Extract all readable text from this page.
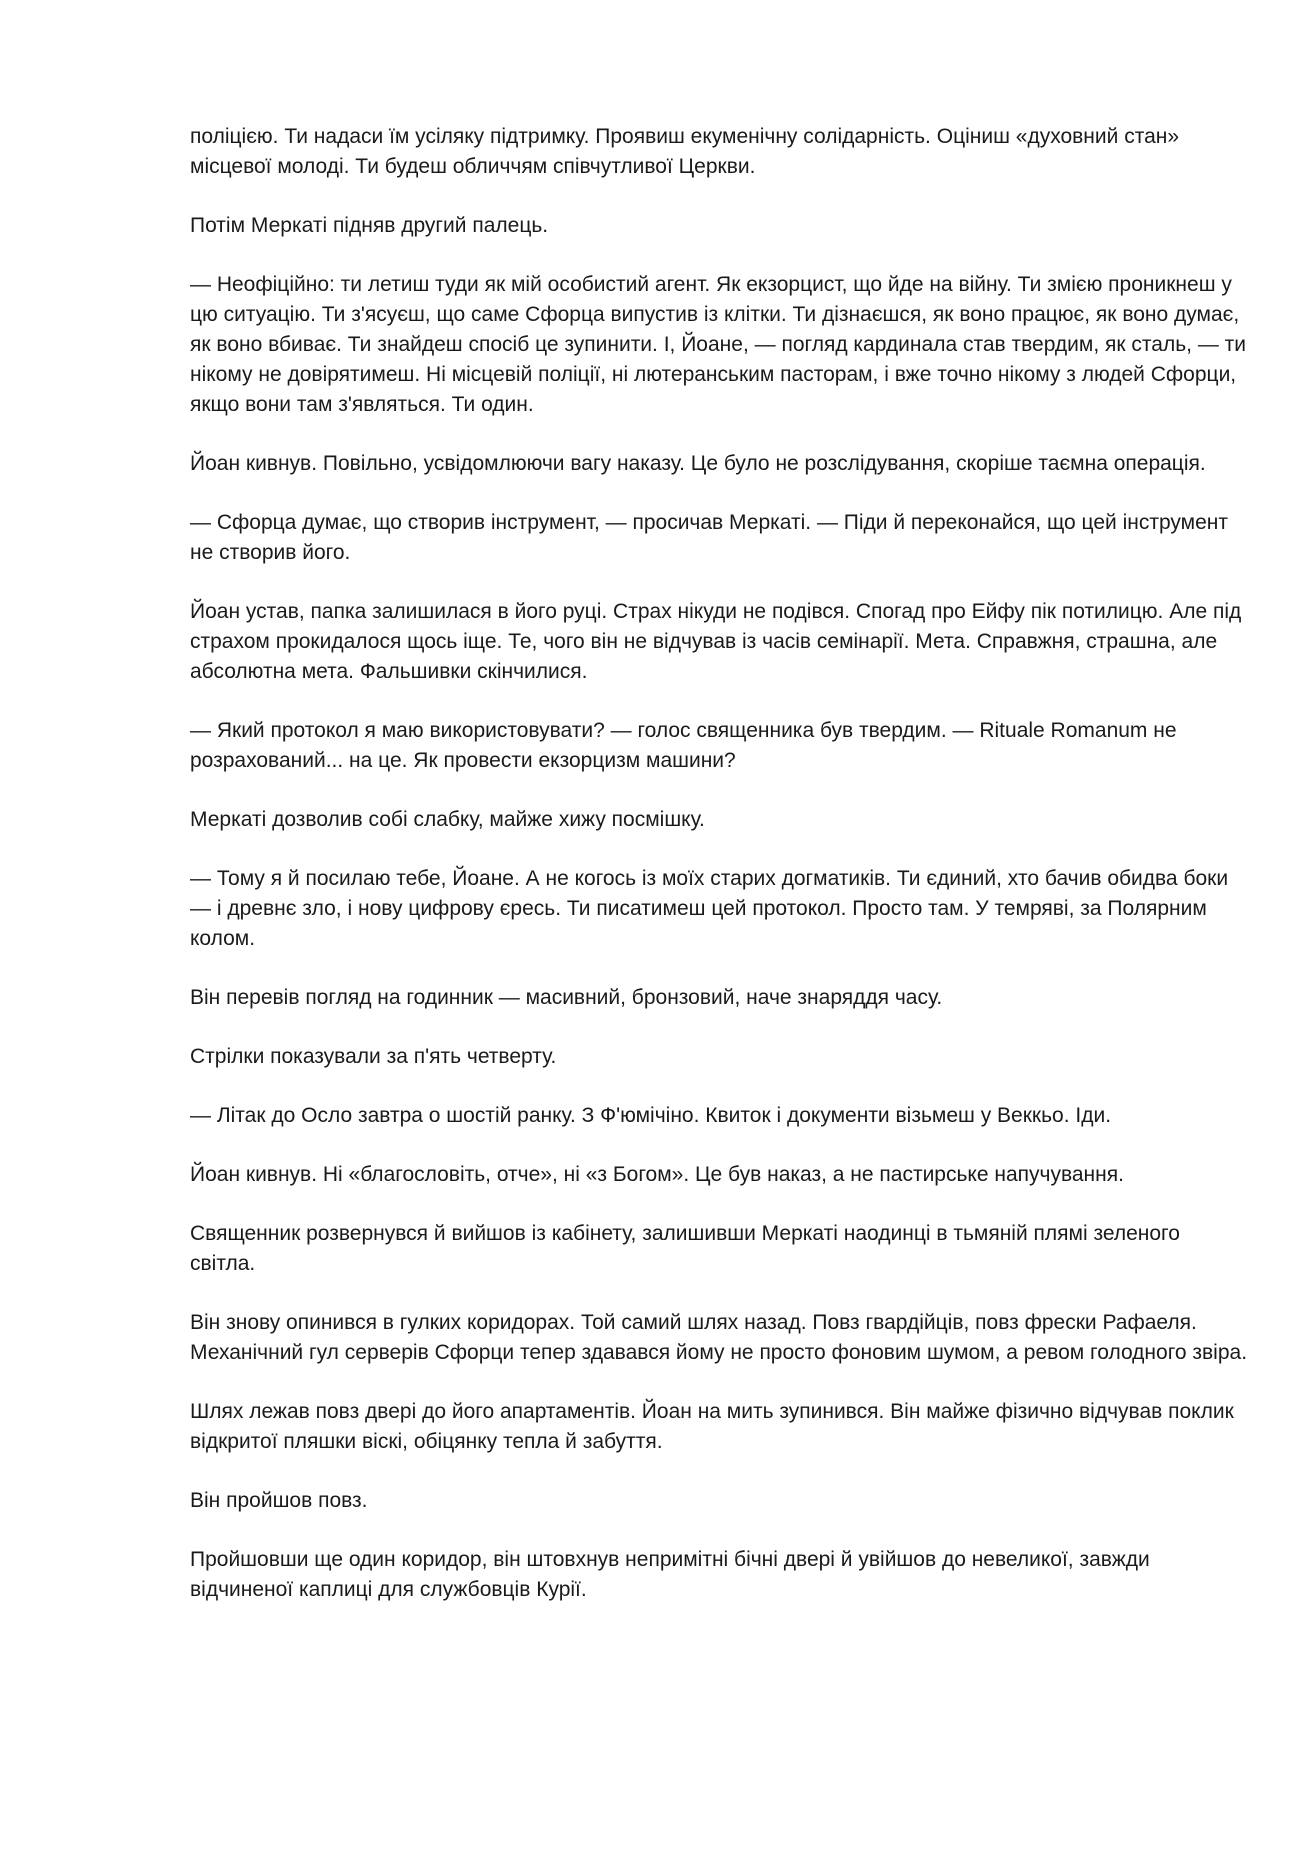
поліцією. Ти надаси їм усіляку підтримку. Проявиш екуменічну солідарність. Оціниш «духовний стан» місцевої молоді. Ти будеш обличчям співчутливої Церкви.

Потім Меркаті підняв другий палець.

— Неофіційно: ти летиш туди як мій особистий агент. Як екзорцист, що йде на війну. Ти змією проникнеш у цю ситуацію. Ти з'ясуєш, що саме Сфорца випустив із клітки. Ти дізнаєшся, як воно працює, як воно думає, як воно вбиває. Ти знайдеш спосіб це зупинити. І, Йоане, — погляд кардинала став твердим, як сталь, — ти нікому не довірятимеш. Ні місцевій поліції, ні лютеранським пасторам, і вже точно нікому з людей Сфорци, якщо вони там з'являться. Ти один.

Йоан кивнув. Повільно, усвідомлюючи вагу наказу. Це було не розслідування, скоріше таємна операція.

— Сфорца думає, що створив інструмент, — просичав Меркаті. — Піди й переконайся, що цей інструмент не створив його.

Йоан устав, папка залишилася в його руці. Страх нікуди не подівся. Спогад про Ейфу пік потилицю. Але під страхом прокидалося щось іще. Те, чого він не відчував із часів семінарії. Мета. Справжня, страшна, але абсолютна мета. Фальшивки скінчилися.

— Який протокол я маю використовувати? — голос священника був твердим. — Rituale Romanum не розрахований... на це. Як провести екзорцизм машини?

Меркаті дозволив собі слабку, майже хижу посмішку.

— Тому я й посилаю тебе, Йоане. А не когось із моїх старих догматиків. Ти єдиний, хто бачив обидва боки — і древнє зло, і нову цифрову єресь. Ти писатимеш цей протокол. Просто там. У темряві, за Полярним колом.

Він перевів погляд на годинник — масивний, бронзовий, наче знаряддя часу.

Стрілки показували за п'ять четверту.

— Літак до Осло завтра о шостій ранку. З Ф'юмічіно. Квиток і документи візьмеш у Веккьо. Іди.

Йоан кивнув. Ні «благословіть, отче», ні «з Богом». Це був наказ, а не пастирське напучування.

Священник розвернувся й вийшов із кабінету, залишивши Меркаті наодинці в тьмяній плямі зеленого світла.

Він знову опинився в гулких коридорах. Той самий шлях назад. Повз гвардійців, повз фрески Рафаеля. Механічний гул серверів Сфорци тепер здавався йому не просто фоновим шумом, а ревом голодного звіра.

Шлях лежав повз двері до його апартаментів. Йоан на мить зупинився. Він майже фізично відчував поклик відкритої пляшки віскі, обіцянку тепла й забуття.

Він пройшов повз.

Пройшовши ще один коридор, він штовхнув непримітні бічні двері й увійшов до невеликої, завжди відчиненої каплиці для службовців Курії.
